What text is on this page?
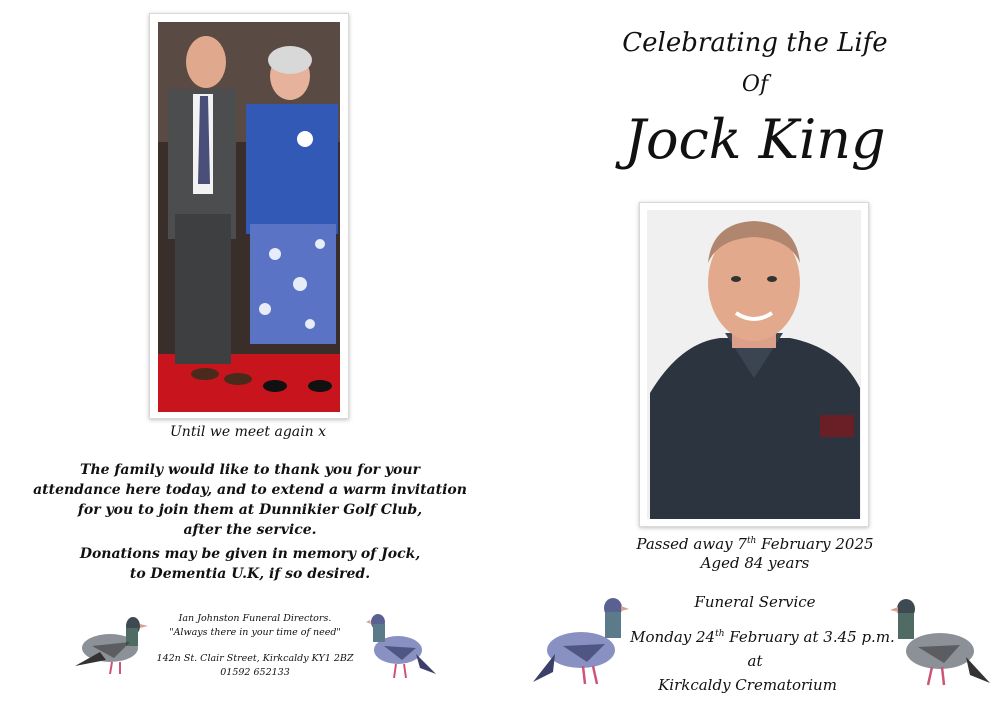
Until we meet again x
The family would like to thank you for your
attendance here today, and to extend a warm invitation
for you to join them at Dunnikier Golf Club,
after the service.
Donations may be given in memory of Jock,
to Dementia U.K, if so desired.
Ian Johnston Funeral Directors.
"Always there in your time of need"
142n St. Clair Street, Kirkcaldy KY1 2BZ
01592 652133
Celebrating the Life
Of
Jock King
Passed away 7th February 2025
Aged 84 years
Funeral Service
Monday 24th February at 3.45 p.m.
at
Kirkcaldy Crematorium
